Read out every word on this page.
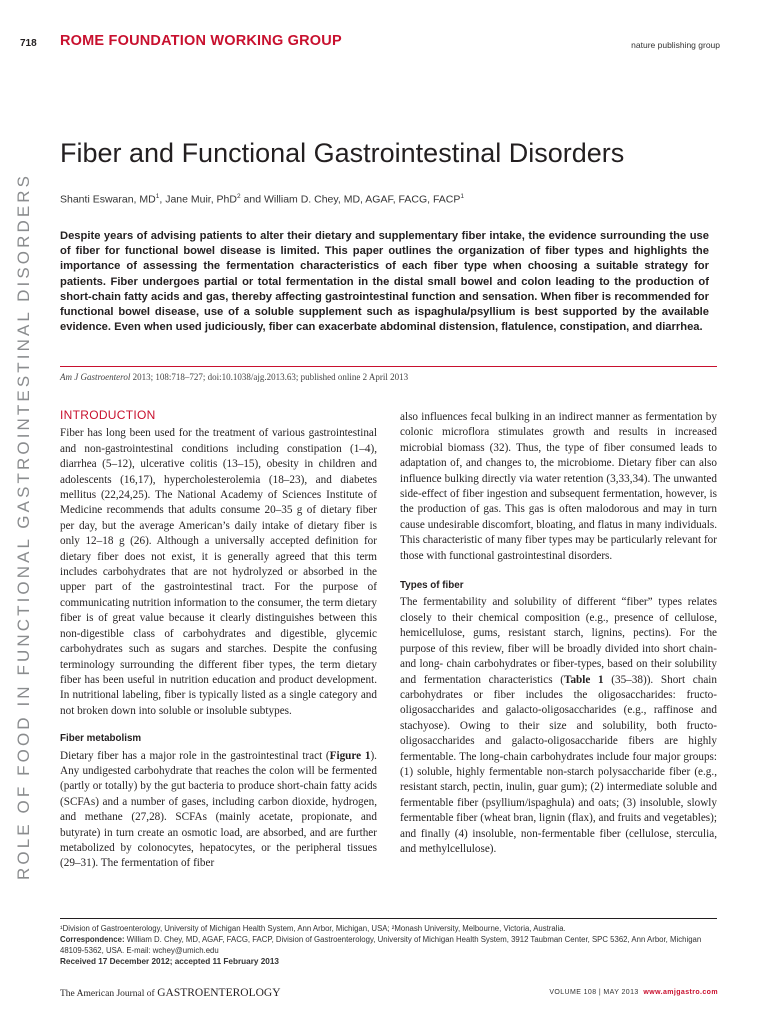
718 ROME FOUNDATION WORKING GROUP	nature publishing group
ROLE OF FOOD IN FUNCTIONAL GASTROINTESTINAL DISORDERS
Fiber and Functional Gastrointestinal Disorders
Shanti Eswaran, $MD^1$, Jane Muir, PhD$^2$ and William D. Chey, MD, AGAF, FACG, FACP$^1$
Despite years of advising patients to alter their dietary and supplementary fiber intake, the evidence surrounding the use of fiber for functional bowel disease is limited. This paper outlines the organization of fiber types and highlights the importance of assessing the fermentation characteristics of each fiber type when choosing a suitable strategy for patients. Fiber undergoes partial or total fermentation in the distal small bowel and colon leading to the production of short-chain fatty acids and gas, thereby affecting gastrointestinal function and sensation. When fiber is recommended for functional bowel disease, use of a soluble supplement such as ispaghula/psyllium is best supported by the available evidence. Even when used judiciously, fiber can exacerbate abdominal distension, flatulence, constipation, and diarrhea.
Am J Gastroenterol 2013; 108:718–727; doi:10.1038/ajg.2013.63; published online 2 April 2013
INTRODUCTION

Fiber has long been used for the treatment of various gastrointestinal and non-gastrointestinal conditions including constipation (1–4), diarrhea (5–12), ulcerative colitis (13–15), obesity in children and adolescents (16,17), hypercholesterolemia (18–23), and diabetes mellitus (22,24,25). The National Academy of Sciences Institute of Medicine recommends that adults consume 20–35 g of dietary fiber per day, but the average American’s daily intake of dietary fiber is only 12–18 g (26). Although a universally accepted definition for dietary fiber does not exist, it is generally agreed that this term includes carbohydrates that are not hydrolyzed or absorbed in the upper part of the gastrointestinal tract. For the purpose of communicating nutrition information to the consumer, the term dietary fiber is of great value because it clearly distinguishes between this non-digestible class of carbohydrates and digestible, glycemic carbohydrates such as sugars and starches. Despite the confusing terminology surrounding the different fiber types, the term dietary fiber has been useful in nutrition education and product development. In nutritional labeling, fiber is typically listed as a single category and not broken down into soluble or insoluble subtypes.

Fiber metabolism

Dietary fiber has a major role in the gastrointestinal tract (Figure 1). Any undigested carbohydrate that reaches the colon will be fermented (partly or totally) by the gut bacteria to produce short-chain fatty acids (SCFAs) and a number of gases, including carbon dioxide, hydrogen, and methane (27,28). SCFAs (mainly acetate, propionate, and butyrate) in turn create an osmotic load, are absorbed, and are further metabolized by colonocytes, hepatocytes, or the peripheral tissues (29–31). The fermentation of fiber

also influences fecal bulking in an indirect manner as fermentation by colonic microflora stimulates growth and results in increased microbial biomass (32). Thus, the type of fiber consumed leads to adaptation of, and changes to, the microbiome. Dietary fiber can also influence bulking directly via water retention (3,33,34). The unwanted side-effect of fiber ingestion and subsequent fermentation, however, is the production of gas. This gas is often malodorous and may in turn cause undesirable discomfort, bloating, and flatus in many individuals. This characteristic of many fiber types may be particularly relevant for those with functional gastrointestinal disorders.

Types of fiber

The fermentability and solubility of different “fiber” types relates closely to their chemical composition (e.g., presence of cellulose, hemicellulose, gums, resistant starch, lignins, pectins). For the purpose of this review, fiber will be broadly divided into short chain- and long- chain carbohydrates or fiber-types, based on their solubility and fermentation characteristics (Table 1 (35–38)). Short chain carbohydrates or fiber includes the oligosaccharides: fructo-oligosaccharides and galacto-oligosaccharides (e.g., raffinose and stachyose). Owing to their size and solubility, both fructo-oligosaccharides and galacto-oligosaccharide fibers are highly fermentable. The long-chain carbohydrates include four major groups: (1) soluble, highly fermentable non-starch polysaccharide fiber (e.g., resistant starch, pectin, inulin, guar gum); (2) intermediate soluble and fermentable fiber (psyllium/ispaghula) and oats; (3) insoluble, slowly fermentable fiber (wheat bran, lignin (flax), and fruits and vegetables); and finally (4) insoluble, non-fermentable fiber (cellulose, sterculia, and methylcellulose).

¹Division of Gastroenterology, University of Michigan Health System, Ann Arbor, Michigan, USA; ²Monash University, Melbourne, Victoria, Australia.
Correspondence: William D. Chey, MD, AGAF, FACG, FACP, Division of Gastroenterology, University of Michigan Health System, 3912 Taubman Center, SPC 5362, Ann Arbor, Michigan 48109-5362, USA. E-mail: wchey@umich.edu
Received 17 December 2012; accepted 11 February 2013
The American Journal of GASTROENTEROLOGY	VOLUME 108 | MAY 2013 www.amjgastro.com
